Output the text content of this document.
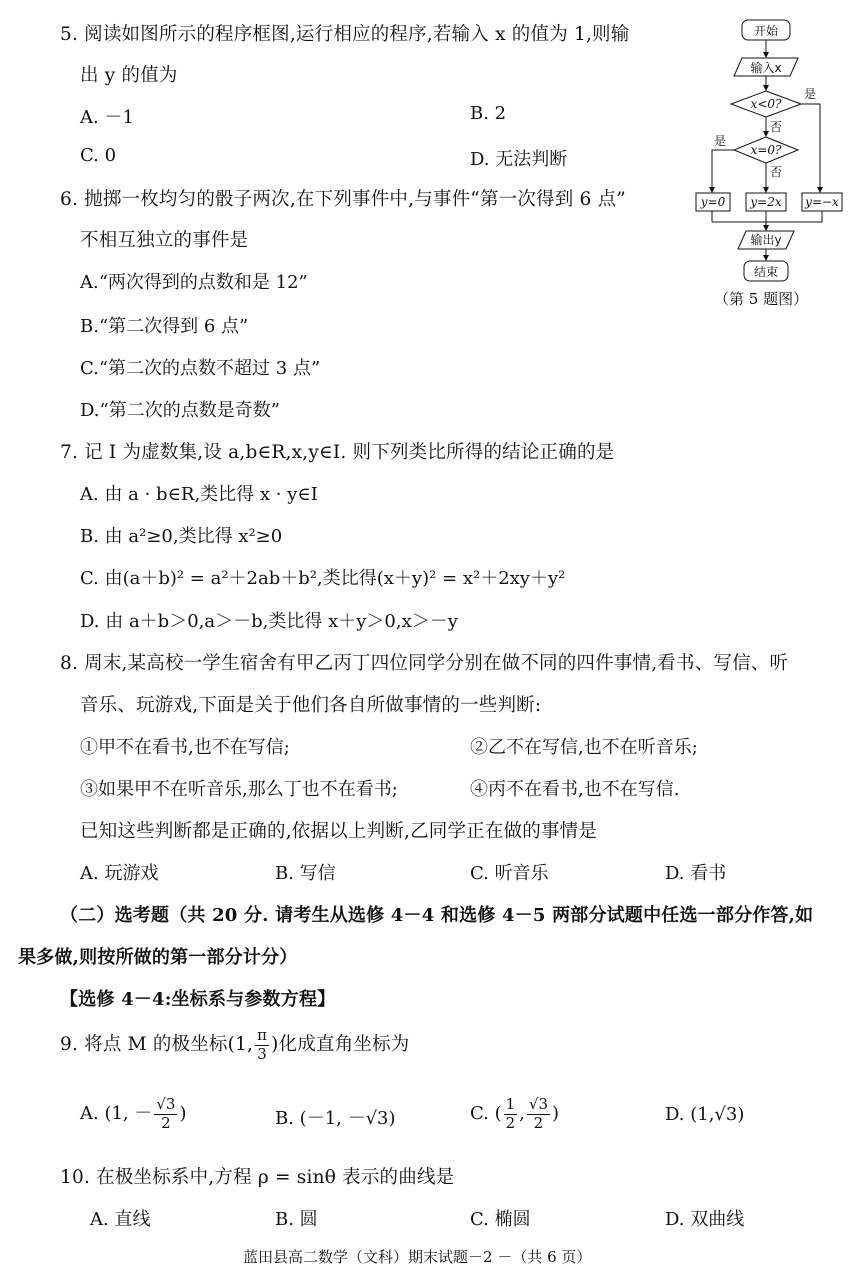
5. 阅读如图所示的程序框图,运行相应的程序,若输入 x 的值为 1,则输
出 y 的值为
A. －1	B. 2
C. 0	D. 无法判断
开始
输入x
x<0?
x=0?
是
否
是
否
y=0 y=2x y=−x
输出y
结束
（第 5 题图）
6. 抛掷一枚均匀的骰子两次,在下列事件中,与事件“第一次得到 6 点”
不相互独立的事件是
A.“两次得到的点数和是 12”
B.“第二次得到 6 点”
C.“第二次的点数不超过 3 点”
D.“第二次的点数是奇数”
7. 记 I 为虚数集,设 a,b∈R,x,y∈I. 则下列类比所得的结论正确的是
A. 由 a · b∈R,类比得 x · y∈I
B. 由 a²≥0,类比得 x²≥0
C. 由(a＋b)² = a²＋2ab＋b²,类比得(x＋y)² = x²＋2xy＋y²
D. 由 a＋b＞0,a＞－b,类比得 x＋y＞0,x＞－y
8. 周末,某高校一学生宿舍有甲乙丙丁四位同学分别在做不同的四件事情,看书、写信、听
音乐、玩游戏,下面是关于他们各自所做事情的一些判断:
①甲不在看书,也不在写信;	②乙不在写信,也不在听音乐;
③如果甲不在听音乐,那么丁也不在看书;	④丙不在看书,也不在写信.
已知这些判断都是正确的,依据以上判断,乙同学正在做的事情是
A. 玩游戏	B. 写信	C. 听音乐	D. 看书
（二）选考题（共 20 分. 请考生从选修 4－4 和选修 4－5 两部分试题中任选一部分作答,如
果多做,则按所做的第一部分计分）
【选修 4－4:坐标系与参数方程】
9. 将点 M 的极坐标(1, $\frac{\pi}{3}$ )化成直角坐标为
A. (1, － $\frac{√3}{2}$ )	B. (－1, －√3)	C. ( $\frac{1}{2}$ , $\frac{√3}{2}$ )	D. (1,√3)
10. 在极坐标系中,方程 ρ = sinθ 表示的曲线是
A. 直线	B. 圆	C. 椭圆	D. 双曲线
蓝田县高二数学（文科）期末试题－2 －（共 6 页）
